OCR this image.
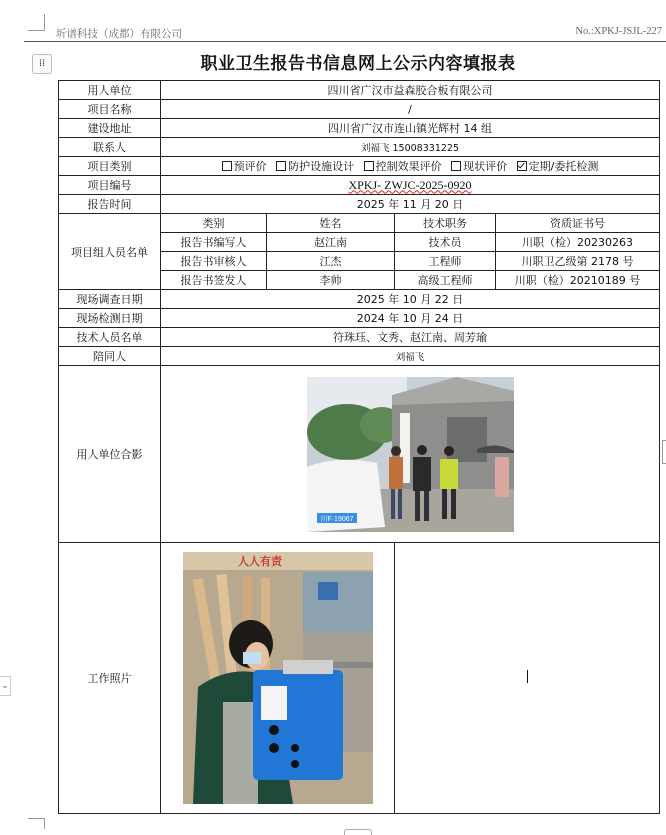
圻谱科技（成都）有限公司	No.:XPKJ-JSJL-227
⁞⁞	职业卫生报告书信息网上公示内容填报表
用人单位	四川省广汉市益森胶合板有限公司			
项目名称	/			
建设地址	四川省广汉市连山镇光辉村 14 组			
联系人	刘福飞 15008331225			
项目类别	预评价 防护设施设计 控制效果评价 现状评价 定期/委托检测			
项目编号	XPKJ- ZWJC-2025-0920			
报告时间	2025 年 11 月 20 日			
项目组人员名单	类别	姓名	技术职务	资质证书号
	报告书编写人	赵江南	技术员	川职（检）20230263
	报告书审核人	江杰	工程师	川职卫乙级第 2178 号
	报告书签发人	李帅	高级工程师	川职（检）20210189 号
现场调查日期	2025 年 10 月 22 日			
现场检测日期	2024 年 10 月 24 日			
技术人员名单	符珠珏、文秀、赵江南、周芳瑜			
陪同人	刘福飞			
用人单位合影	川F·19067			

工作照片	人人有责			

⌄
